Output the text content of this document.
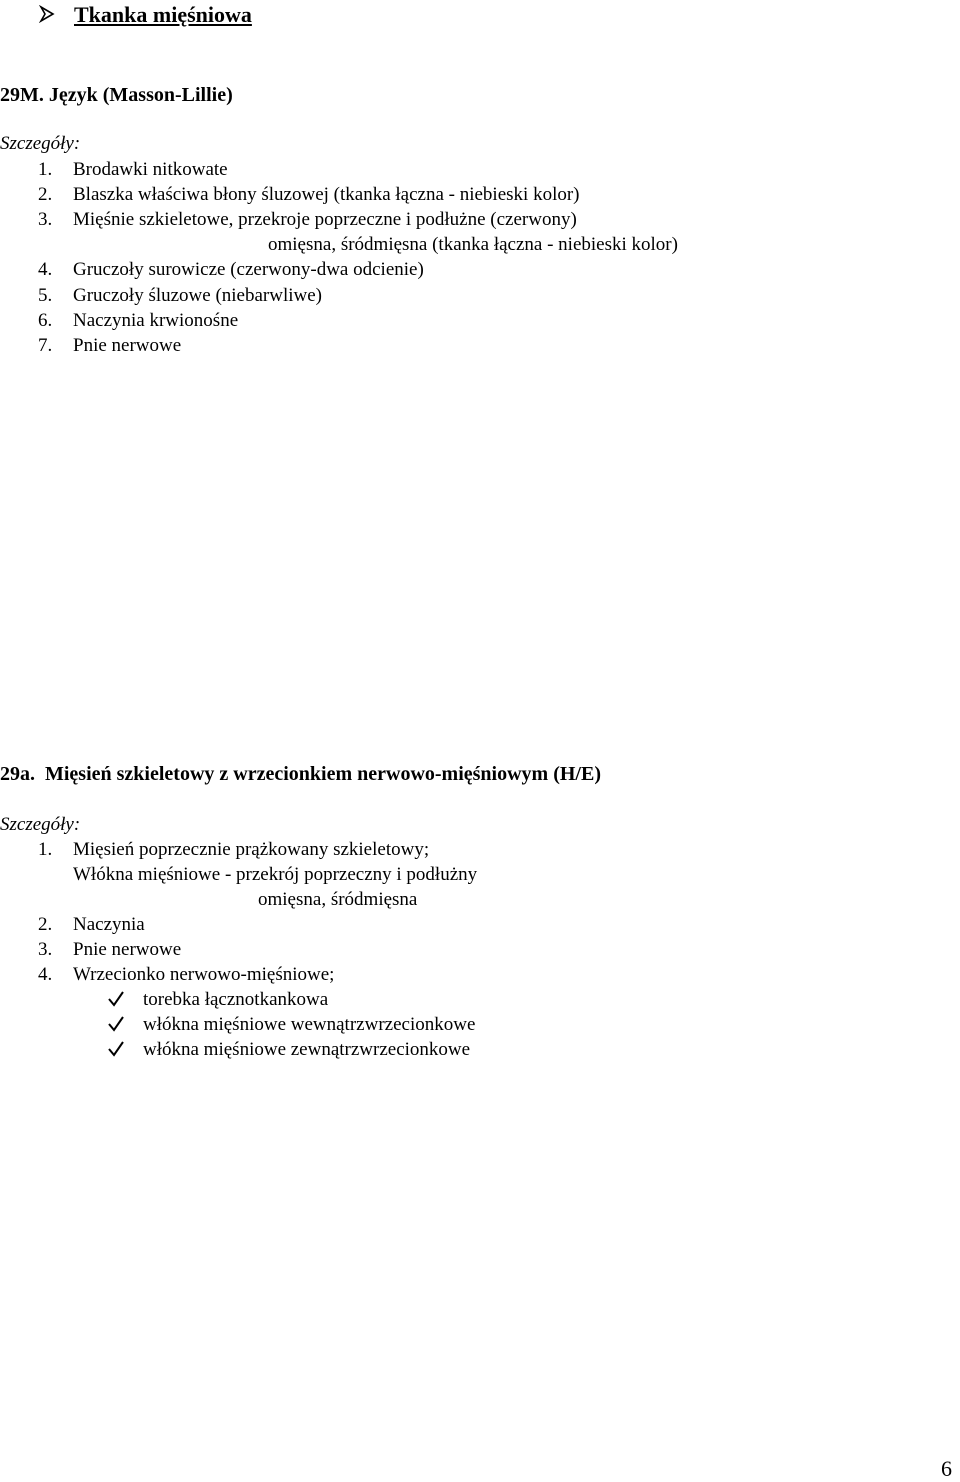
Tkanka mięśniowa
29M. Język (Masson-Lillie)
Szczegóły:
1. Brodawki nitkowate
2. Blaszka właściwa błony śluzowej (tkanka łączna - niebieski kolor)
3. Mięśnie szkieletowe, przekroje poprzeczne i podłużne (czerwony)
omięsna, śródmięsna (tkanka łączna - niebieski kolor)
4. Gruczoły surowicze (czerwony-dwa odcienie)
5. Gruczoły śluzowe (niebarwliwe)
6. Naczynia krwionośne
7. Pnie nerwowe
29a.  Mięsień szkieletowy z wrzecionkiem nerwowo-mięśniowym (H/E)
Szczegóły:
1. Mięsień poprzecznie prążkowany szkieletowy;
Włókna mięśniowe - przekrój poprzeczny i podłużny
omięsna, śródmięsna
2. Naczynia
3. Pnie nerwowe
4. Wrzecionko nerwowo-mięśniowe;
torebka łącznotkankowa
włókna mięśniowe wewnątrzwrzecionkowe
włókna mięśniowe zewnątrzwrzecionkowe
6
